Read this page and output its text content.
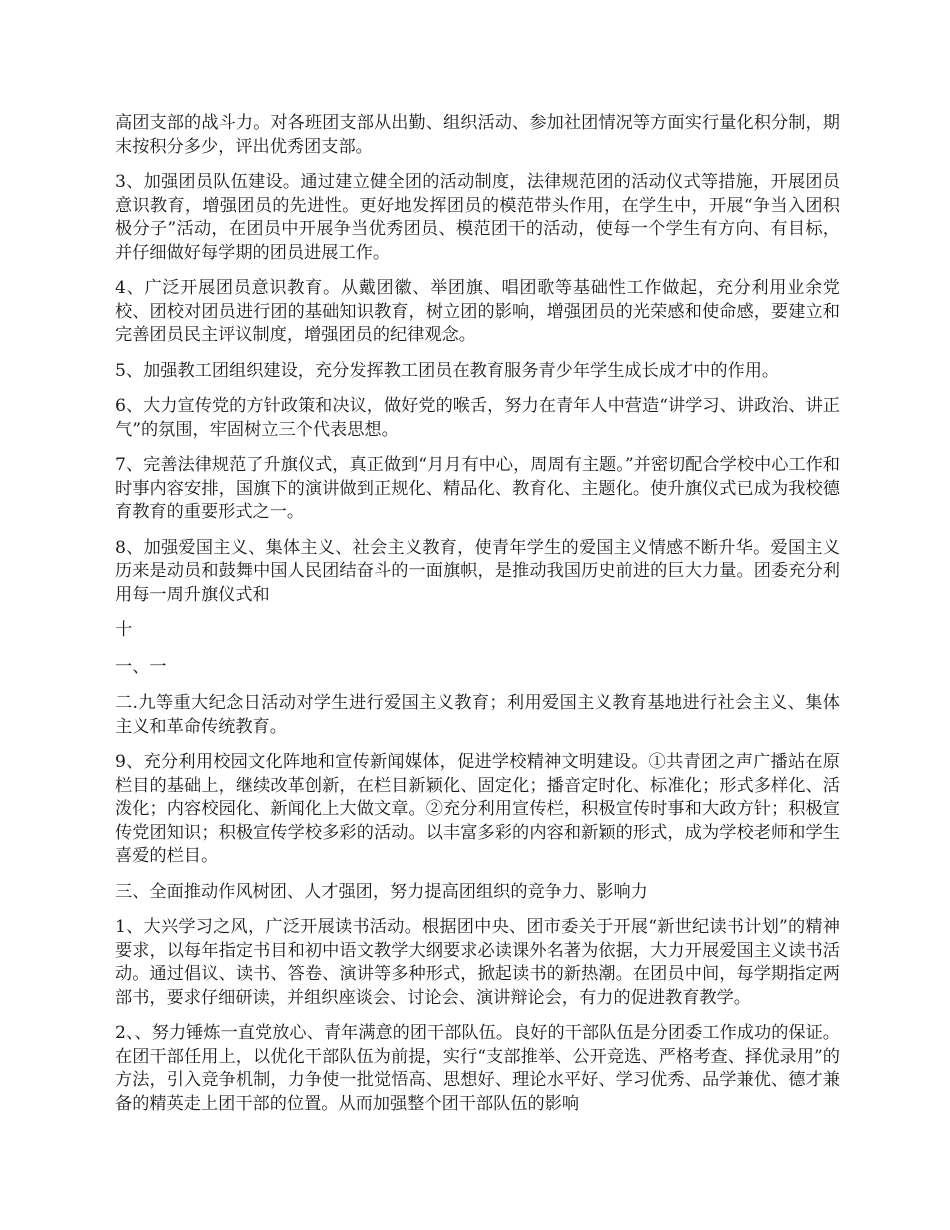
高团支部的战斗力。对各班团支部从出勤、组织活动、参加社团情况等方面实行量化积分制，期末按积分多少，评出优秀团支部。

3、加强团员队伍建设。通过建立健全团的活动制度，法律规范团的活动仪式等措施，开展团员意识教育，增强团员的先进性。更好地发挥团员的模范带头作用，在学生中，开展“争当入团积极分子”活动，在团员中开展争当优秀团员、模范团干的活动，使每一个学生有方向、有目标，并仔细做好每学期的团员进展工作。

4、广泛开展团员意识教育。从戴团徽、举团旗、唱团歌等基础性工作做起，充分利用业余党校、团校对团员进行团的基础知识教育，树立团的影响，增强团员的光荣感和使命感，要建立和完善团员民主评议制度，增强团员的纪律观念。

5、加强教工团组织建设，充分发挥教工团员在教育服务青少年学生成长成才中的作用。

6、大力宣传党的方针政策和决议，做好党的喉舌，努力在青年人中营造“讲学习、讲政治、讲正气”的氛围，牢固树立三个代表思想。

7、完善法律规范了升旗仪式，真正做到“月月有中心，周周有主题。”并密切配合学校中心工作和时事内容安排，国旗下的演讲做到正规化、精品化、教育化、主题化。使升旗仪式已成为我校德育教育的重要形式之一。

8、加强爱国主义、集体主义、社会主义教育，使青年学生的爱国主义情感不断升华。爱国主义历来是动员和鼓舞中国人民团结奋斗的一面旗帜，是推动我国历史前进的巨大力量。团委充分利用每一周升旗仪式和

十

一、一

二.九等重大纪念日活动对学生进行爱国主义教育；利用爱国主义教育基地进行社会主义、集体主义和革命传统教育。

9、充分利用校园文化阵地和宣传新闻媒体，促进学校精神文明建设。①共青团之声广播站在原栏目的基础上，继续改革创新，在栏目新颖化、固定化；播音定时化、标准化；形式多样化、活泼化；内容校园化、新闻化上大做文章。②充分利用宣传栏，积极宣传时事和大政方针；积极宣传党团知识；积极宣传学校多彩的活动。以丰富多彩的内容和新颖的形式，成为学校老师和学生喜爱的栏目。

三、全面推动作风树团、人才强团，努力提高团组织的竞争力、影响力

1、大兴学习之风，广泛开展读书活动。根据团中央、团市委关于开展“新世纪读书计划”的精神要求，以每年指定书目和初中语文教学大纲要求必读课外名著为依据，大力开展爱国主义读书活动。通过倡议、读书、答卷、演讲等多种形式，掀起读书的新热潮。在团员中间，每学期指定两部书，要求仔细研读，并组织座谈会、讨论会、演讲辩论会，有力的促进教育教学。

2、、努力锤炼一直党放心、青年满意的团干部队伍。良好的干部队伍是分团委工作成功的保证。在团干部任用上，以优化干部队伍为前提，实行“支部推举、公开竞选、严格考查、择优录用”的方法，引入竞争机制，力争使一批觉悟高、思想好、理论水平好、学习优秀、品学兼优、德才兼备的精英走上团干部的位置。从而加强整个团干部队伍的影响
